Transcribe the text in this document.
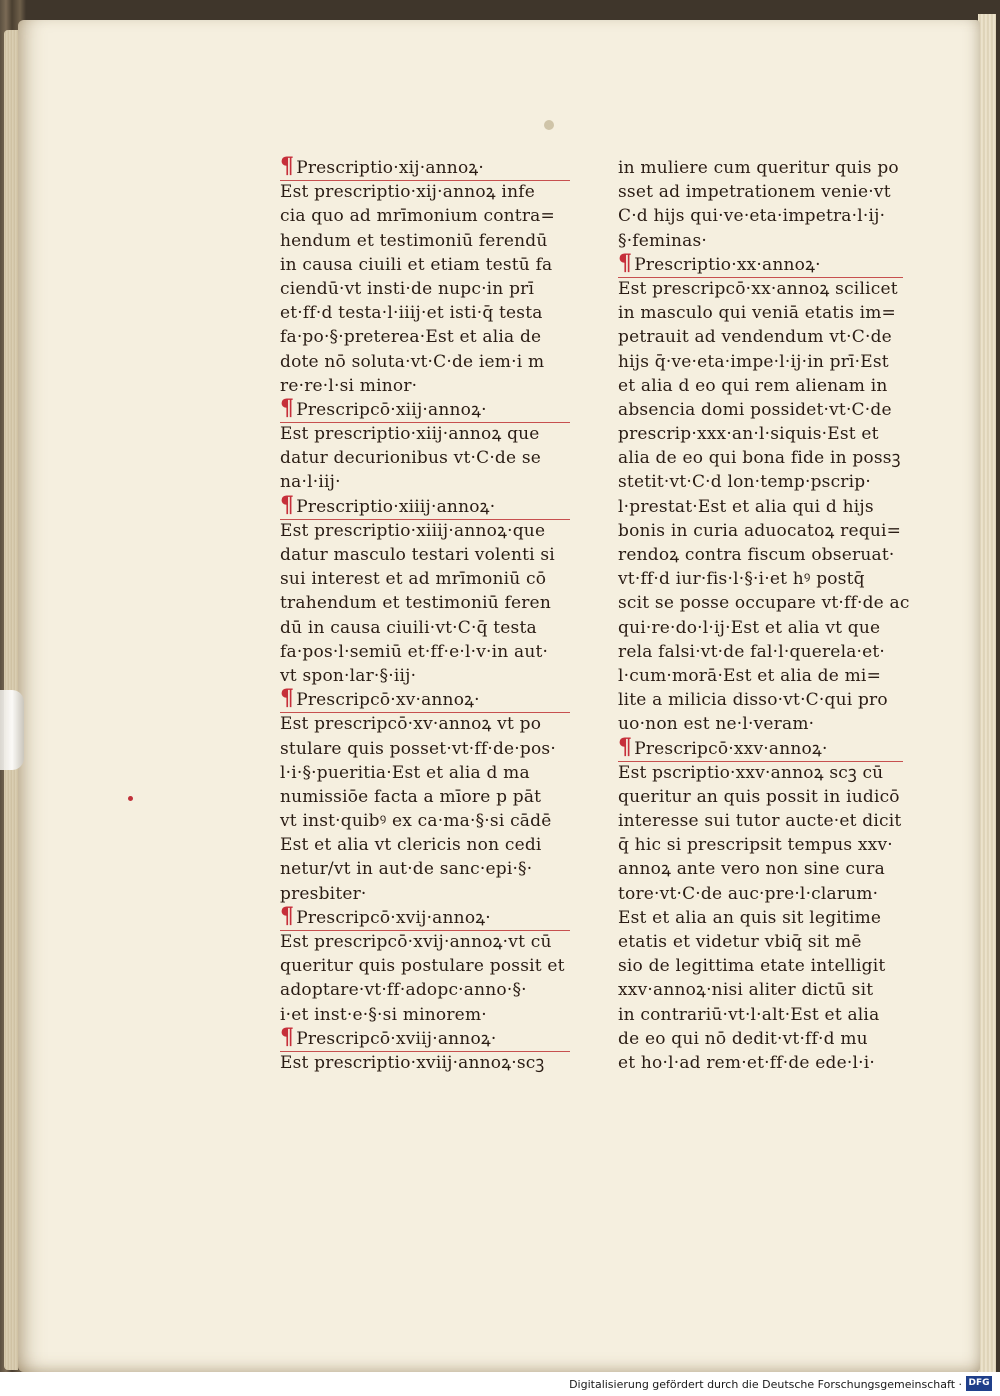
¶ Prescriptio·xij·annoꝝ·
Est prescriptio·xij·annoꝝ infe
cia quo ad mrīmonium contra=
hendum et testimoniū ferendū
in causa ciuili et etiam testū fa
ciendū·vt insti·de nupc·in prī
et·ff·d testa·l·iiij·et isti·q̄ testa
fa·po·§·preterea·Est et alia de
dote nō soluta·vt·C·de iem·i m
re·re·l·si minor·
¶ Prescripcō·xiij·annoꝝ·
Est prescriptio·xiij·annoꝝ que
datur decurionibus vt·C·de se
na·l·iij·
¶ Prescriptio·xiiij·annoꝝ·
Est prescriptio·xiiij·annoꝝ·que
datur masculo testari volenti si
sui interest et ad mrīmoniū cō
trahendum et testimoniū feren
dū in causa ciuili·vt·C·q̄ testa
fa·pos·l·semiū et·ff·e·l·v·in aut·
vt spon·lar·§·iij·
¶ Prescripcō·xv·annoꝝ·
Est prescripcō·xv·annoꝝ vt po
stulare quis posset·vt·ff·de·pos·
l·i·§·pueritia·Est et alia d ma
numissiōe facta a mīore p pāt
vt inst·quibꝰ ex ca·ma·§·si cādē
Est et alia vt clericis non cedi
netur/vt in aut·de sanc·epi·§·
presbiter·
¶ Prescripcō·xvij·annoꝝ·
Est prescripcō·xvij·annoꝝ·vt cū
queritur quis postulare possit et
adoptare·vt·ff·adopc·anno·§·
i·et inst·e·§·si minorem·
¶ Prescripcō·xviij·annoꝝ·
Est prescriptio·xviij·annoꝝ·scꝫ
in muliere cum queritur quis po
sset ad impetrationem venie·vt
C·d hijs qui·ve·eta·impetra·l·ij·
§·feminas·
¶ Prescriptio·xx·annoꝝ·
Est prescripcō·xx·annoꝝ scilicet
in masculo qui veniā etatis im=
petrauit ad vendendum vt·C·de
hijs q̄·ve·eta·impe·l·ij·in prī·Est
et alia d eo qui rem alienam in
absencia domi possidet·vt·C·de
prescrip·xxx·an·l·siquis·Est et
alia de eo qui bona fide in possꝫ
stetit·vt·C·d lon·temp·pscrip·
l·prestat·Est et alia qui d hijs
bonis in curia aduocatoꝝ requi=
rendoꝝ contra fiscum obseruat·
vt·ff·d iur·fis·l·§·i·et hꝰ postq̄
scit se posse occupare vt·ff·de ac
qui·re·do·l·ij·Est et alia vt que
rela falsi·vt·de fal·l·querela·et·
l·cum·morā·Est et alia de mi=
lite a milicia disso·vt·C·qui pro
uo·non est ne·l·veram·
¶ Prescripcō·xxv·annoꝝ·
Est pscriptio·xxv·annoꝝ scꝫ cū
queritur an quis possit in iudicō
interesse sui tutor aucte·et dicit
q̄ hic si prescripsit tempus xxv·
annoꝝ ante vero non sine cura
tore·vt·C·de auc·pre·l·clarum·
Est et alia an quis sit legitime
etatis et videtur vbiq̄ sit mē
sio de legittima etate intelligit
xxv·annoꝝ·nisi aliter dictū sit
in contrariū·vt·l·alt·Est et alia
de eo qui nō dedit·vt·ff·d mu
et ho·l·ad rem·et·ff·de ede·l·i·
Digitalisierung gefördert durch die Deutsche Forschungsgemeinschaft · DFG
